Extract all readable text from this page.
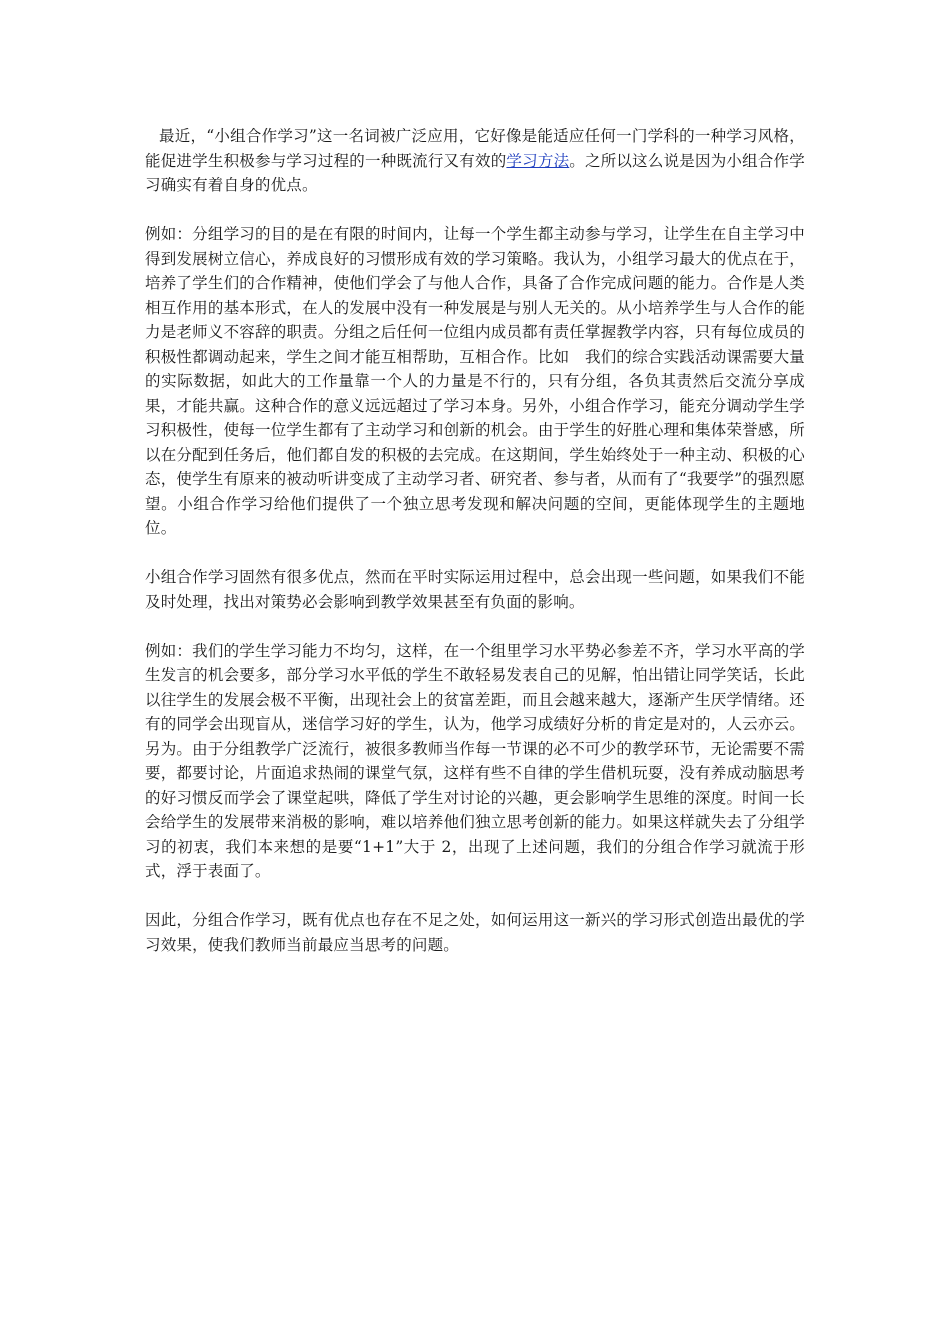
最近，“小组合作学习”这一名词被广泛应用，它好像是能适应任何一门学科的一种学习风格，能促进学生积极参与学习过程的一种既流行又有效的学习方法。之所以这么说是因为小组合作学习确实有着自身的优点。

例如：分组学习的目的是在有限的时间内，让每一个学生都主动参与学习，让学生在自主学习中得到发展树立信心，养成良好的习惯形成有效的学习策略。我认为，小组学习最大的优点在于，培养了学生们的合作精神，使他们学会了与他人合作，具备了合作完成问题的能力。合作是人类相互作用的基本形式，在人的发展中没有一种发展是与别人无关的。从小培养学生与人合作的能力是老师义不容辞的职责。分组之后任何一位组内成员都有责任掌握教学内容，只有每位成员的积极性都调动起来，学生之间才能互相帮助，互相合作。比如　我们的综合实践活动课需要大量的实际数据，如此大的工作量靠一个人的力量是不行的，只有分组，各负其责然后交流分享成果，才能共赢。这种合作的意义远远超过了学习本身。另外，小组合作学习，能充分调动学生学习积极性，使每一位学生都有了主动学习和创新的机会。由于学生的好胜心理和集体荣誉感，所以在分配到任务后，他们都自发的积极的去完成。在这期间，学生始终处于一种主动、积极的心态，使学生有原来的被动听讲变成了主动学习者、研究者、参与者，从而有了“我要学”的强烈愿望。小组合作学习给他们提供了一个独立思考发现和解决问题的空间，更能体现学生的主题地位。

小组合作学习固然有很多优点，然而在平时实际运用过程中，总会出现一些问题，如果我们不能及时处理，找出对策势必会影响到教学效果甚至有负面的影响。

例如：我们的学生学习能力不均匀，这样，在一个组里学习水平势必参差不齐，学习水平高的学生发言的机会要多，部分学习水平低的学生不敢轻易发表自己的见解，怕出错让同学笑话，长此以往学生的发展会极不平衡，出现社会上的贫富差距，而且会越来越大，逐渐产生厌学情绪。还有的同学会出现盲从，迷信学习好的学生，认为，他学习成绩好分析的肯定是对的，人云亦云。另为。由于分组教学广泛流行，被很多教师当作每一节课的必不可少的教学环节，无论需要不需要，都要讨论，片面追求热闹的课堂气氛，这样有些不自律的学生借机玩耍，没有养成动脑思考的好习惯反而学会了课堂起哄，降低了学生对讨论的兴趣，更会影响学生思维的深度。时间一长会给学生的发展带来消极的影响，难以培养他们独立思考创新的能力。如果这样就失去了分组学习的初衷，我们本来想的是要“1+1”大于 2，出现了上述问题，我们的分组合作学习就流于形式，浮于表面了。

因此，分组合作学习，既有优点也存在不足之处，如何运用这一新兴的学习形式创造出最优的学习效果，使我们教师当前最应当思考的问题。
